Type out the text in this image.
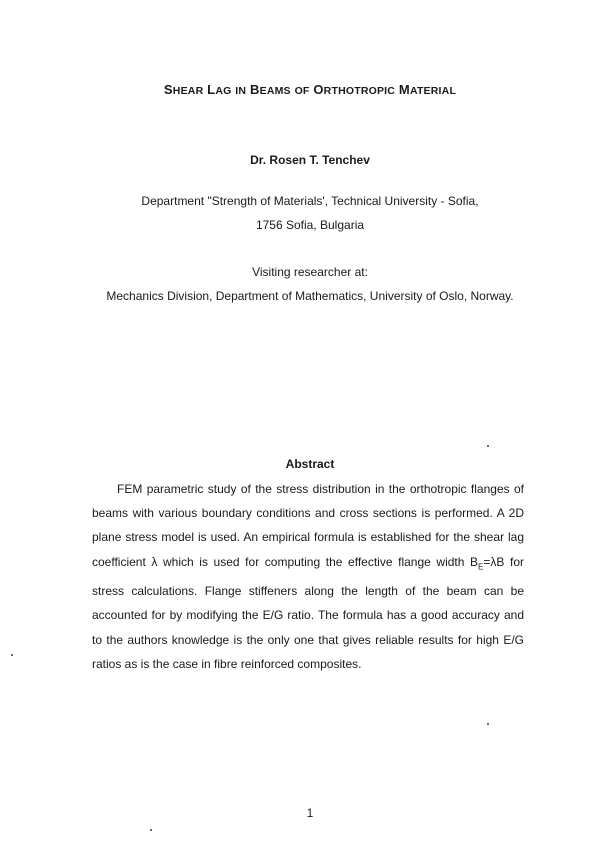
SHEAR LAG IN BEAMS OF ORTHOTROPIC MATERIAL
Dr. Rosen T. Tenchev
Department "Strength of Materials', Technical University - Sofia,
1756 Sofia, Bulgaria
Visiting researcher at:
Mechanics Division, Department of Mathematics, University of Oslo, Norway.
Abstract
FEM parametric study of the stress distribution in the orthotropic flanges of beams with various boundary conditions and cross sections is performed. A 2D plane stress model is used. An empirical formula is established for the shear lag coefficient λ which is used for computing the effective flange width $B_E=\lambda B$ for stress calculations. Flange stiffeners along the length of the beam can be accounted for by modifying the E/G ratio. The formula has a good accuracy and to the authors knowledge is the only one that gives reliable results for high E/G ratios as is the case in fibre reinforced composites.
1
